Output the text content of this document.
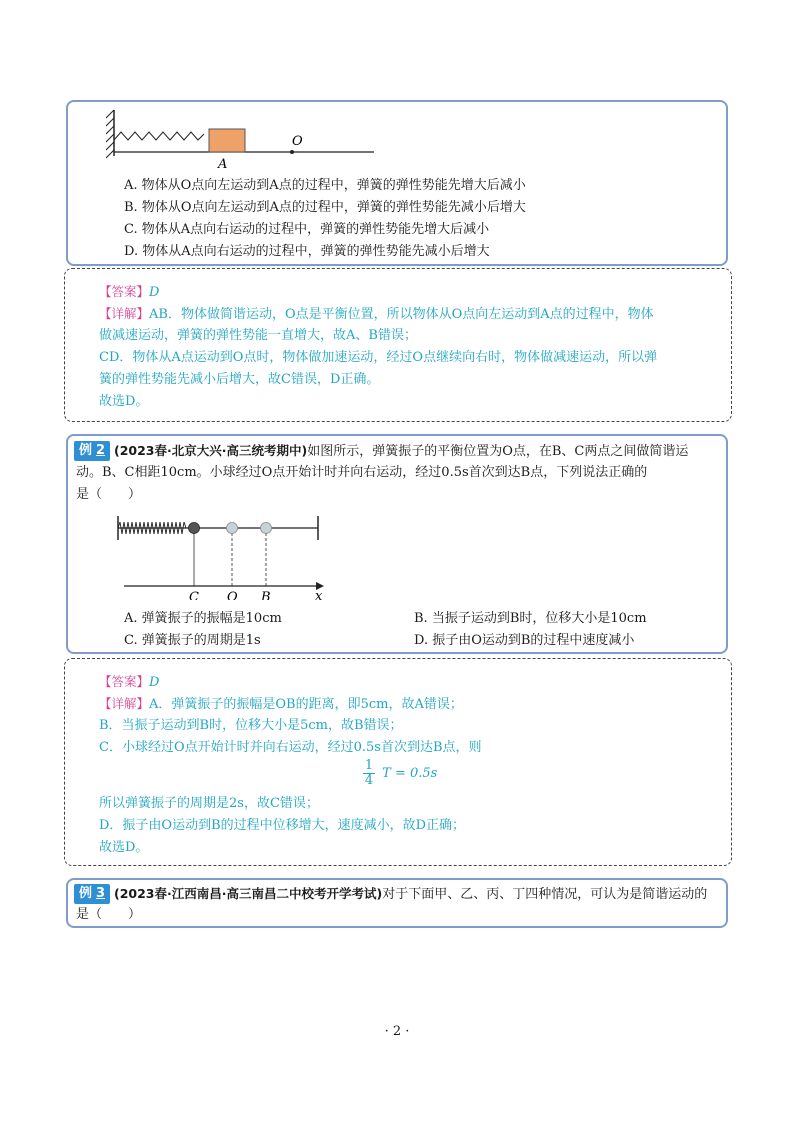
O
A
A. 物体从O点向左运动到A点的过程中，弹簧的弹性势能先增大后减小
B. 物体从O点向左运动到A点的过程中，弹簧的弹性势能先减小后增大
C. 物体从A点向右运动的过程中，弹簧的弹性势能先增大后减小
D. 物体从A点向右运动的过程中，弹簧的弹性势能先减小后增大
【答案】D
【详解】AB．物体做简谐运动，O点是平衡位置，所以物体从O点向左运动到A点的过程中，物体
做减速运动，弹簧的弹性势能一直增大，故A、B错误；
CD．物体从A点运动到O点时，物体做加速运动，经过O点继续向右时，物体做减速运动，所以弹
簧的弹性势能先减小后增大，故C错误，D正确。
故选D。
例 2 (2023春·北京大兴·高三统考期中)如图所示，弹簧振子的平衡位置为O点，在B、C两点之间做简谐运
动。B、C相距10cm。小球经过O点开始计时并向右运动，经过0.5s首次到达B点，下列说法正确的
是（　　）
C O B	x
A. 弹簧振子的振幅是10cm	B. 当振子运动到B时，位移大小是10cm
C. 弹簧振子的周期是1s	D. 振子由O运动到B的过程中速度减小
【答案】D
【详解】A．弹簧振子的振幅是OB的距离，即5cm，故A错误；
B．当振子运动到B时，位移大小是5cm，故B错误；
C．小球经过O点开始计时并向右运动，经过0.5s首次到达B点，则
$\frac{1}{4}$ T = 0.5s
所以弹簧振子的周期是2s，故C错误；
D．振子由O运动到B的过程中位移增大，速度减小，故D正确；
故选D。
例 3 (2023春·江西南昌·高三南昌二中校考开学考试)对于下面甲、乙、丙、丁四种情况，可认为是简谐运动的
是（　　）
· 2 ·
